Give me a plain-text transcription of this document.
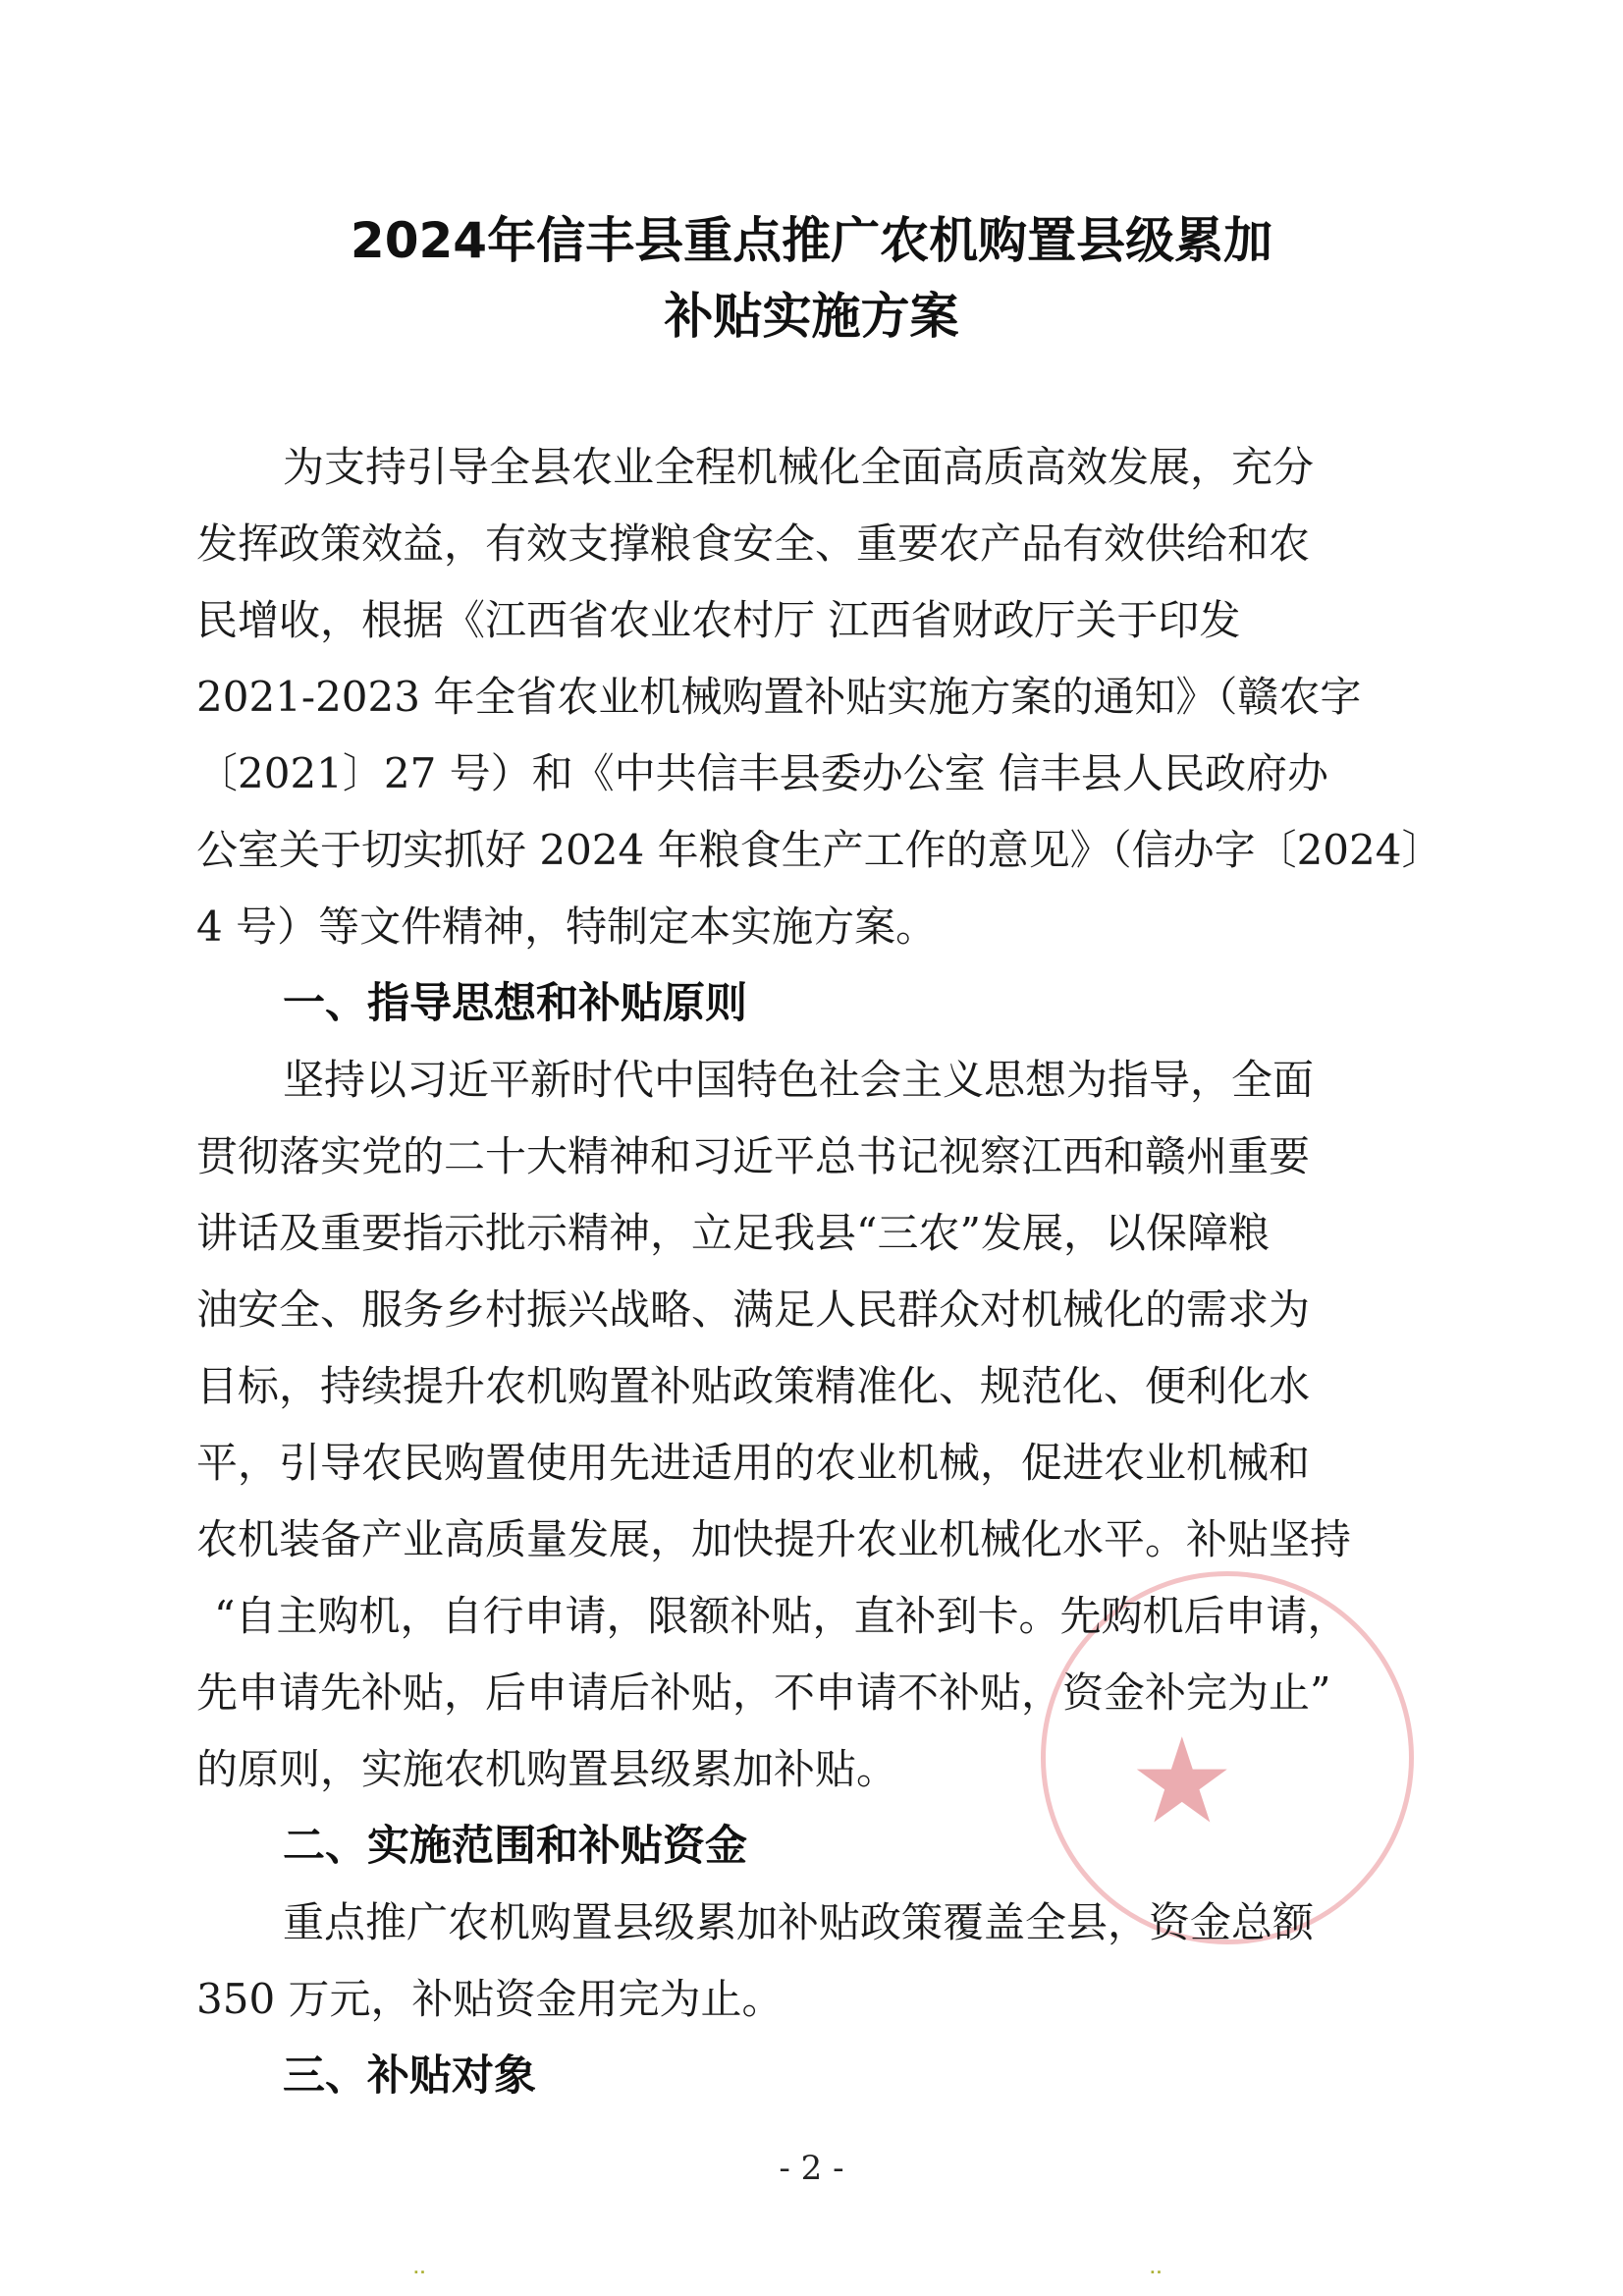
2024年信丰县重点推广农机购置县级累加
补贴实施方案
★
为支持引导全县农业全程机械化全面高质高效发展，充分
发挥政策效益，有效支撑粮食安全、重要农产品有效供给和农
民增收，根据《江西省农业农村厅 江西省财政厅关于印发
2021-2023 年全省农业机械购置补贴实施方案的通知》（赣农字
〔2021〕27 号）和《中共信丰县委办公室 信丰县人民政府办
公室关于切实抓好 2024 年粮食生产工作的意见》（信办字〔2024〕
4 号）等文件精神，特制定本实施方案。
一、指导思想和补贴原则
坚持以习近平新时代中国特色社会主义思想为指导，全面
贯彻落实党的二十大精神和习近平总书记视察江西和赣州重要
讲话及重要指示批示精神，立足我县“三农”发展，以保障粮
油安全、服务乡村振兴战略、满足人民群众对机械化的需求为
目标，持续提升农机购置补贴政策精准化、规范化、便利化水
平，引导农民购置使用先进适用的农业机械，促进农业机械和
农机装备产业高质量发展，加快提升农业机械化水平。补贴坚持
“自主购机，自行申请，限额补贴，直补到卡。先购机后申请，
先申请先补贴，后申请后补贴，不申请不补贴，资金补完为止”
的原则，实施农机购置县级累加补贴。
二、实施范围和补贴资金
重点推广农机购置县级累加补贴政策覆盖全县，资金总额
350 万元，补贴资金用完为止。
三、补贴对象
- 2 -
ᐧᐧ	ᐧᐧ
